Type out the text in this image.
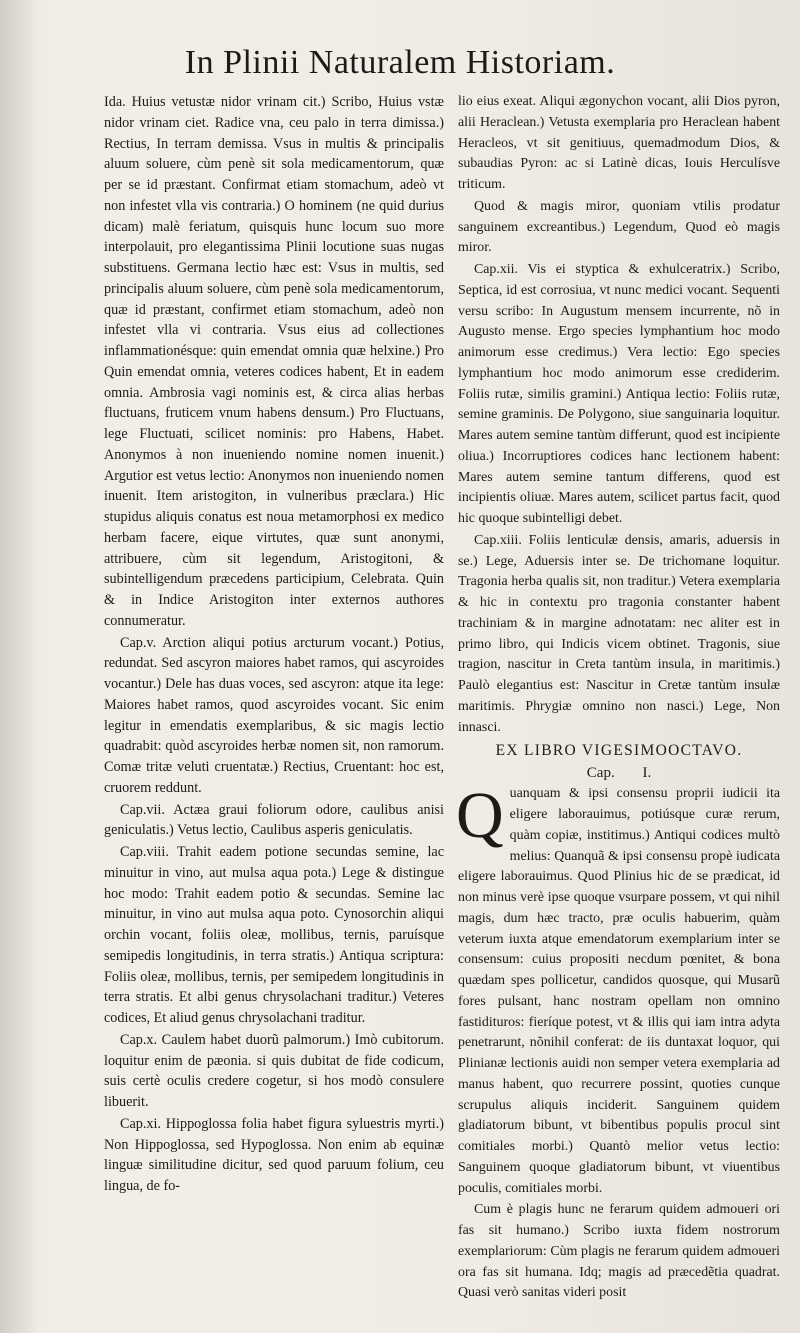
In Plinii Naturalem Historiam.

Ida. Huius vetustæ nidor vrinam cit.) Scribo, Huius vstæ nidor vrinam ciet. Radice vna, ceu palo in terra dimissa.) Rectius, In terram demissa. Vsus in multis & principalis aluum soluere, cùm penè sit sola medicamentorum, quæ per se id præstant. Confirmat etiam stomachum, adeò vt non infestet vlla vis contraria.) O hominem (ne quid durius dicam) malè feriatum, quisquis hunc locum suo more interpolauit, pro elegantissima Plinii locutione suas nugas substituens. Germana lectio hæc est: Vsus in multis, sed principalis aluum soluere, cùm penè sola medicamentorum, quæ id præstant, confirmet etiam stomachum, adeò non infestet vlla vi contraria. Vsus eius ad collectiones inflammationésque: quin emendat omnia quæ helxine.) Pro Quin emendat omnia, veteres codices habent, Et in eadem omnia. Ambrosia vagi nominis est, & circa alias herbas fluctuans, fruticem vnum habens densum.) Pro Fluctuans, lege Fluctuati, scilicet nominis: pro Habens, Habet. Anonymos à non inueniendo nomine nomen inuenit.) Argutior est vetus lectio: Anonymos non inueniendo nomen inuenit. Item aristogiton, in vulneribus præclara.) Hic stupidus aliquis conatus est noua metamorphosi ex medico herbam facere, eique virtutes, quæ sunt anonymi, attribuere, cùm sit legendum, Aristogitoni, & subintelligendum præcedens participium, Celebrata. Quin & in Indice Aristogiton inter externos authores connumeratur.

Cap.v. Arction aliqui potius arcturum vocant.) Potius, redundat. Sed ascyron maiores habet ramos, qui ascyroides vocantur.) Dele has duas voces, sed ascyron: atque ita lege: Maiores habet ramos, quod ascyroides vocant. Sic enim legitur in emendatis exemplaribus, & sic magis lectio quadrabit: quòd ascyroides herbæ nomen sit, non ramorum. Comæ tritæ veluti cruentatæ.) Rectius, Cruentant: hoc est, cruorem reddunt.

Cap.vii. Actæa graui foliorum odore, caulibus anisi geniculatis.) Vetus lectio, Caulibus asperis geniculatis.

Cap.viii. Trahit eadem potione secundas semine, lac minuitur in vino, aut mulsa aqua pota.) Lege & distingue hoc modo: Trahit eadem potio & secundas. Semine lac minuitur, in vino aut mulsa aqua poto. Cynosorchin aliqui orchin vocant, foliis oleæ, mollibus, ternis, paruísque semipedis longitudinis, in terra stratis.) Antiqua scriptura: Foliis oleæ, mollibus, ternis, per semipedem longitudinis in terra stratis. Et albi genus chrysolachani traditur.) Veteres codices, Et aliud genus chrysolachani traditur.

Cap.x. Caulem habet duorũ palmorum.) Imò cubitorum. loquitur enim de pæonia. si quis dubitat de fide codicum, suis certè oculis credere cogetur, si hos modò consulere libuerit.

Cap.xi. Hippoglossa folia habet figura syluestris myrti.) Non Hippoglossa, sed Hypoglossa. Non enim ab equinæ linguæ similitudine dicitur, sed quod paruum folium, ceu lingua, de fo-

lio eius exeat. Aliqui ægonychon vocant, alii Dios pyron, alii Heraclean.) Vetusta exemplaria pro Heraclean habent Heracleos, vt sit genitiuus, quemadmodum Dios, & subaudias Pyron: ac si Latinè dicas, Iouis Herculísve triticum.

Quod & magis miror, quoniam vtilis prodatur sanguinem excreantibus.) Legendum, Quod eò magis miror.

Cap.xii. Vis ei styptica & exhulceratrix.) Scribo, Septica, id est corrosiua, vt nunc medici vocant. Sequenti versu scribo: In Augustum mensem incurrente, nõ in Augusto mense. Ergo species lymphantium hoc modo animorum esse credimus.) Vera lectio: Ego species lymphantium hoc modo animorum esse crediderim. Foliis rutæ, similis gramini.) Antiqua lectio: Foliis rutæ, semine graminis. De Polygono, siue sanguinaria loquitur. Mares autem semine tantùm differunt, quod est incipiente oliua.) Incorruptiores codices hanc lectionem habent: Mares autem semine tantum differens, quod est incipientis oliuæ. Mares autem, scilicet partus facit, quod hic quoque subintelligi debet.

Cap.xiii. Foliis lenticulæ densis, amaris, aduersis in se.) Lege, Aduersis inter se. De trichomane loquitur. Tragonia herba qualis sit, non traditur.) Vetera exemplaria & hic in contextu pro tragonia constanter habent trachiniam & in margine adnotatam: nec aliter est in primo libro, qui Indicis vicem obtinet. Tragonis, siue tragion, nascitur in Creta tantùm insula, in maritimis.) Paulò elegantius est: Nascitur in Cretæ tantùm insulæ maritimis. Phrygiæ omnino non nasci.) Lege, Non innasci.

EX LIBRO VIGESIMOOCTAVO.
Cap. I.

Quanquam & ipsi consensu proprii iudicii ita eligere laborauimus, potiúsque curæ rerum, quàm copiæ, institimus.) Antiqui codices multò melius: Quanquã & ipsi consensu propè iudicata eligere laborauimus. Quod Plinius hic de se prædicat, id non minus verè ipse quoque vsurpare possem, vt qui nihil magis, dum hæc tracto, præ oculis habuerim, quàm veterum iuxta atque emendatorum exemplarium inter se consensum: cuius propositi necdum pœnitet, & bona quædam spes pollicetur, candidos quosque, qui Musarũ fores pulsant, hanc nostram opellam non omnino fastidituros: fieríque potest, vt & illis qui iam intra adyta penetrarunt, nõnihil conferat: de iis duntaxat loquor, qui Plinianæ lectionis auidi non semper vetera exemplaria ad manus habent, quo recurrere possint, quoties cunque scrupulus aliquis inciderit. Sanguinem quidem gladiatorum bibunt, vt bibentibus populis procul sint comitiales morbi.) Quantò melior vetus lectio: Sanguinem quoque gladiatorum bibunt, vt viuentibus poculis, comitiales morbi.

Cum è plagis hunc ne ferarum quidem admoueri ori fas sit humano.) Scribo iuxta fidem nostrorum exemplariorum: Cùm plagis ne ferarum quidem admoueri ora fas sit humana. Idq; magis ad præcedẽtia quadrat. Quasi verò sanitas videri posit
